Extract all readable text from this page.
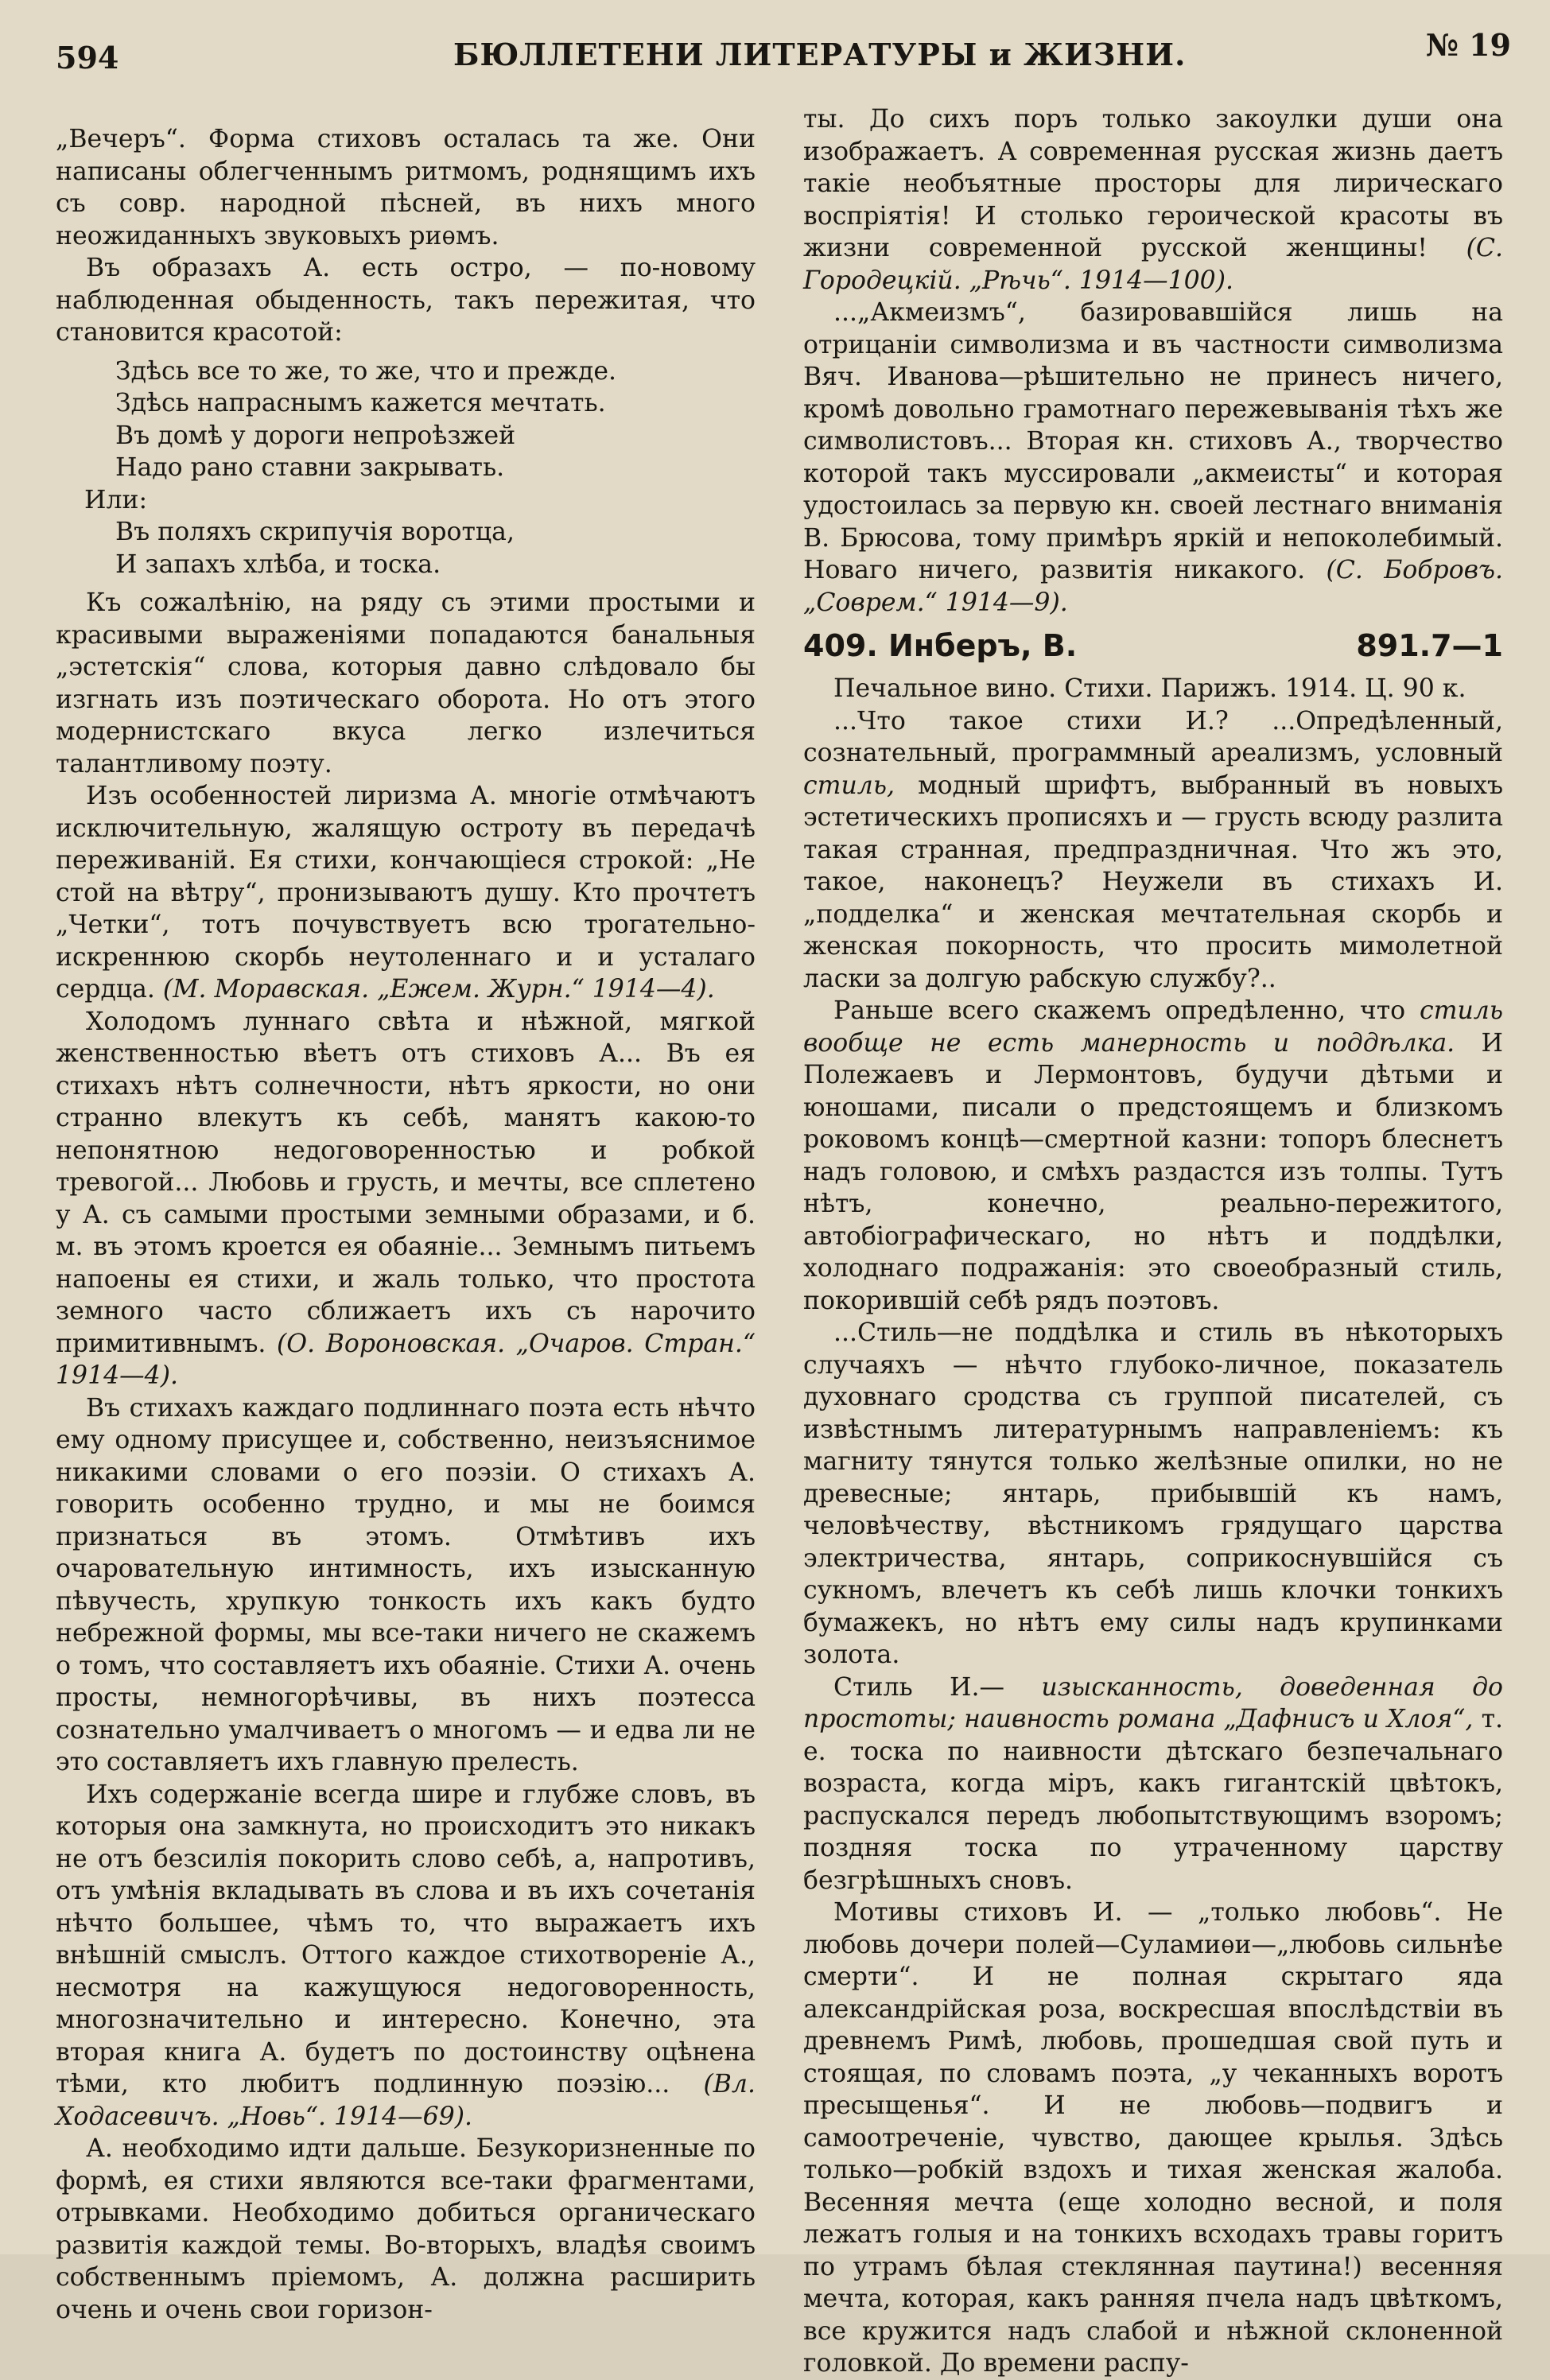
594	БЮЛЛЕТЕНИ ЛИТЕРАТУРЫ и ЖИЗНИ.	№ 19

„Вечеръ“. Форма стиховъ осталась та же. Они написаны облегченнымъ ритмомъ, роднящимъ ихъ съ совр. народной пѣсней, въ нихъ много неожиданныхъ звуковыхъ риѳмъ.

Въ образахъ А. есть остро, — по-новому наблюденная обыденность, такъ пережитая, что становится красотой:

Здѣсь все то же, то же, что и прежде.
Здѣсь напраснымъ кажется мечтать.
Въ домѣ у дороги непроѣзжей
Надо рано ставни закрывать.
Или:
Въ поляхъ скрипучія воротца,
И запахъ хлѣба, и тоска.

Къ сожалѣнію, на ряду съ этими простыми и красивыми выраженіями попадаются банальныя „эстетскія“ слова, которыя давно слѣдовало бы изгнать изъ поэтическаго оборота. Но отъ этого модернистскаго вкуса легко излечиться талантливому поэту.

Изъ особенностей лиризма А. многіе отмѣчаютъ исключительную, жалящую остроту въ передачѣ переживаній. Ея стихи, кончающіеся строкой: „Не стой на вѣтру“, пронизываютъ душу. Кто прочтетъ „Четки“, тотъ почувствуетъ всю трогательно-искреннюю скорбь неутоленнаго и и усталаго сердца. (М. Моравская. „Ежем. Журн.“ 1914—4).

Холодомъ луннаго свѣта и нѣжной, мягкой женственностью вѣетъ отъ стиховъ А... Въ ея стихахъ нѣтъ солнечности, нѣтъ яркости, но они странно влекутъ къ себѣ, манятъ какою-то непонятною недоговоренностью и робкой тревогой... Любовь и грусть, и мечты, все сплетено у А. съ самыми простыми земными образами, и б. м. въ этомъ кроется ея обаяніе... Земнымъ питьемъ напоены ея стихи, и жаль только, что простота земного часто сближаетъ ихъ съ нарочито примитивнымъ. (О. Вороновская. „Очаров. Стран.“ 1914—4).

Въ стихахъ каждаго подлиннаго поэта есть нѣчто ему одному присущее и, собственно, неизъяснимое никакими словами о его поэзіи. О стихахъ А. говорить особенно трудно, и мы не боимся признаться въ этомъ. Отмѣтивъ ихъ очаровательную интимность, ихъ изысканную пѣвучесть, хрупкую тонкость ихъ какъ будто небрежной формы, мы все-таки ничего не скажемъ о томъ, что составляетъ ихъ обаяніе. Стихи А. очень просты, немногорѣчивы, въ нихъ поэтесса сознательно умалчиваетъ о многомъ — и едва ли не это составляетъ ихъ главную прелесть.

Ихъ содержаніе всегда шире и глубже словъ, въ которыя она замкнута, но происходитъ это никакъ не отъ безсилія покорить слово себѣ, а, напротивъ, отъ умѣнія вкладывать въ слова и въ ихъ сочетанія нѣчто большее, чѣмъ то, что выражаетъ ихъ внѣшній смыслъ. Оттого каждое стихотвореніе А., несмотря на кажущуюся недоговоренность, многозначительно и интересно. Конечно, эта вторая книга А. будетъ по достоинству оцѣнена тѣми, кто любитъ подлинную поэзію... (Вл. Ходасевичъ. „Новь“. 1914—69).

А. необходимо идти дальше. Безукоризненные по формѣ, ея стихи являются все-таки фрагментами, отрывками. Необходимо добиться органическаго развитія каждой темы. Во-вторыхъ, владѣя своимъ собственнымъ пріемомъ, А. должна расширить очень и очень свои горизон-

ты. До сихъ поръ только закоулки души она изображаетъ. А современная русская жизнь даетъ такіе необъятные просторы для лирическаго воспріятія! И столько героической красоты въ жизни современной русской женщины! (С. Городецкій. „Рѣчь“. 1914—100).

...„Акмеизмъ“, базировавшійся лишь на отрицаніи символизма и въ частности символизма Вяч. Иванова—рѣшительно не принесъ ничего, кромѣ довольно грамотнаго пережевыванія тѣхъ же символистовъ... Вторая кн. стиховъ А., творчество которой такъ муссировали „акмеисты“ и которая удостоилась за первую кн. своей лестнаго вниманія В. Брюсова, тому примѣръ яркій и непоколебимый. Новаго ничего, развитія никакого. (С. Бобровъ. „Соврем.“ 1914—9).

409. Инберъ, В.	891.7—1

Печальное вино. Стихи. Парижъ. 1914. Ц. 90 к.

...Что такое стихи И.? ...Опредѣленный, сознательный, программный ареализмъ, условный стиль, модный шрифтъ, выбранный въ новыхъ эстетическихъ прописяхъ и — грусть всюду разлита такая странная, предпраздничная. Что жъ это, такое, наконецъ? Неужели въ стихахъ И. „подделка“ и женская мечтательная скорбь и женская покорность, что просить мимолетной ласки за долгую рабскую службу?..

Раньше всего скажемъ опредѣленно, что стиль вообще не есть манерность и поддѣлка. И Полежаевъ и Лермонтовъ, будучи дѣтьми и юношами, писали о предстоящемъ и близкомъ роковомъ концѣ—смертной казни: топоръ блеснетъ надъ головою, и смѣхъ раздастся изъ толпы. Тутъ нѣтъ, конечно, реально-пережитого, автобіографическаго, но нѣтъ и поддѣлки, холоднаго подражанія: это своеобразный стиль, покорившій себѣ рядъ поэтовъ.

...Стиль—не поддѣлка и стиль въ нѣкоторыхъ случаяхъ — нѣчто глубоко-личное, показатель духовнаго сродства съ группой писателей, съ извѣстнымъ литературнымъ направленіемъ: къ магниту тянутся только желѣзные опилки, но не древесные; янтарь, прибывшій къ намъ, человѣчеству, вѣстникомъ грядущаго царства электричества, янтарь, соприкоснувшійся съ сукномъ, влечетъ къ себѣ лишь клочки тонкихъ бумажекъ, но нѣтъ ему силы надъ крупинками золота.

Стиль И.— изысканность, доведенная до простоты; наивность романа „Дафнисъ и Хлоя“, т. е. тоска по наивности дѣтскаго безпечальнаго возраста, когда міръ, какъ гигантскій цвѣтокъ, распускался передъ любопытствующимъ взоромъ; поздняя тоска по утраченному царству безгрѣшныхъ сновъ.

Мотивы стиховъ И. — „только любовь“. Не любовь дочери полей—Суламиѳи—„любовь сильнѣе смерти“. И не полная скрытаго яда александрійская роза, воскресшая впослѣдствіи въ древнемъ Римѣ, любовь, прошедшая свой путь и стоящая, по словамъ поэта, „у чеканныхъ воротъ пресыщенья“. И не любовь—подвигъ и самоотреченіе, чувство, дающее крылья. Здѣсь только—робкій вздохъ и тихая женская жалоба. Весенняя мечта (еще холодно весной, и поля лежатъ голыя и на тонкихъ всходахъ травы горитъ по утрамъ бѣлая стеклянная паутина!) весенняя мечта, которая, какъ ранняя пчела надъ цвѣткомъ, все кружится надъ слабой и нѣжной склоненной головкой. До времени распу-
